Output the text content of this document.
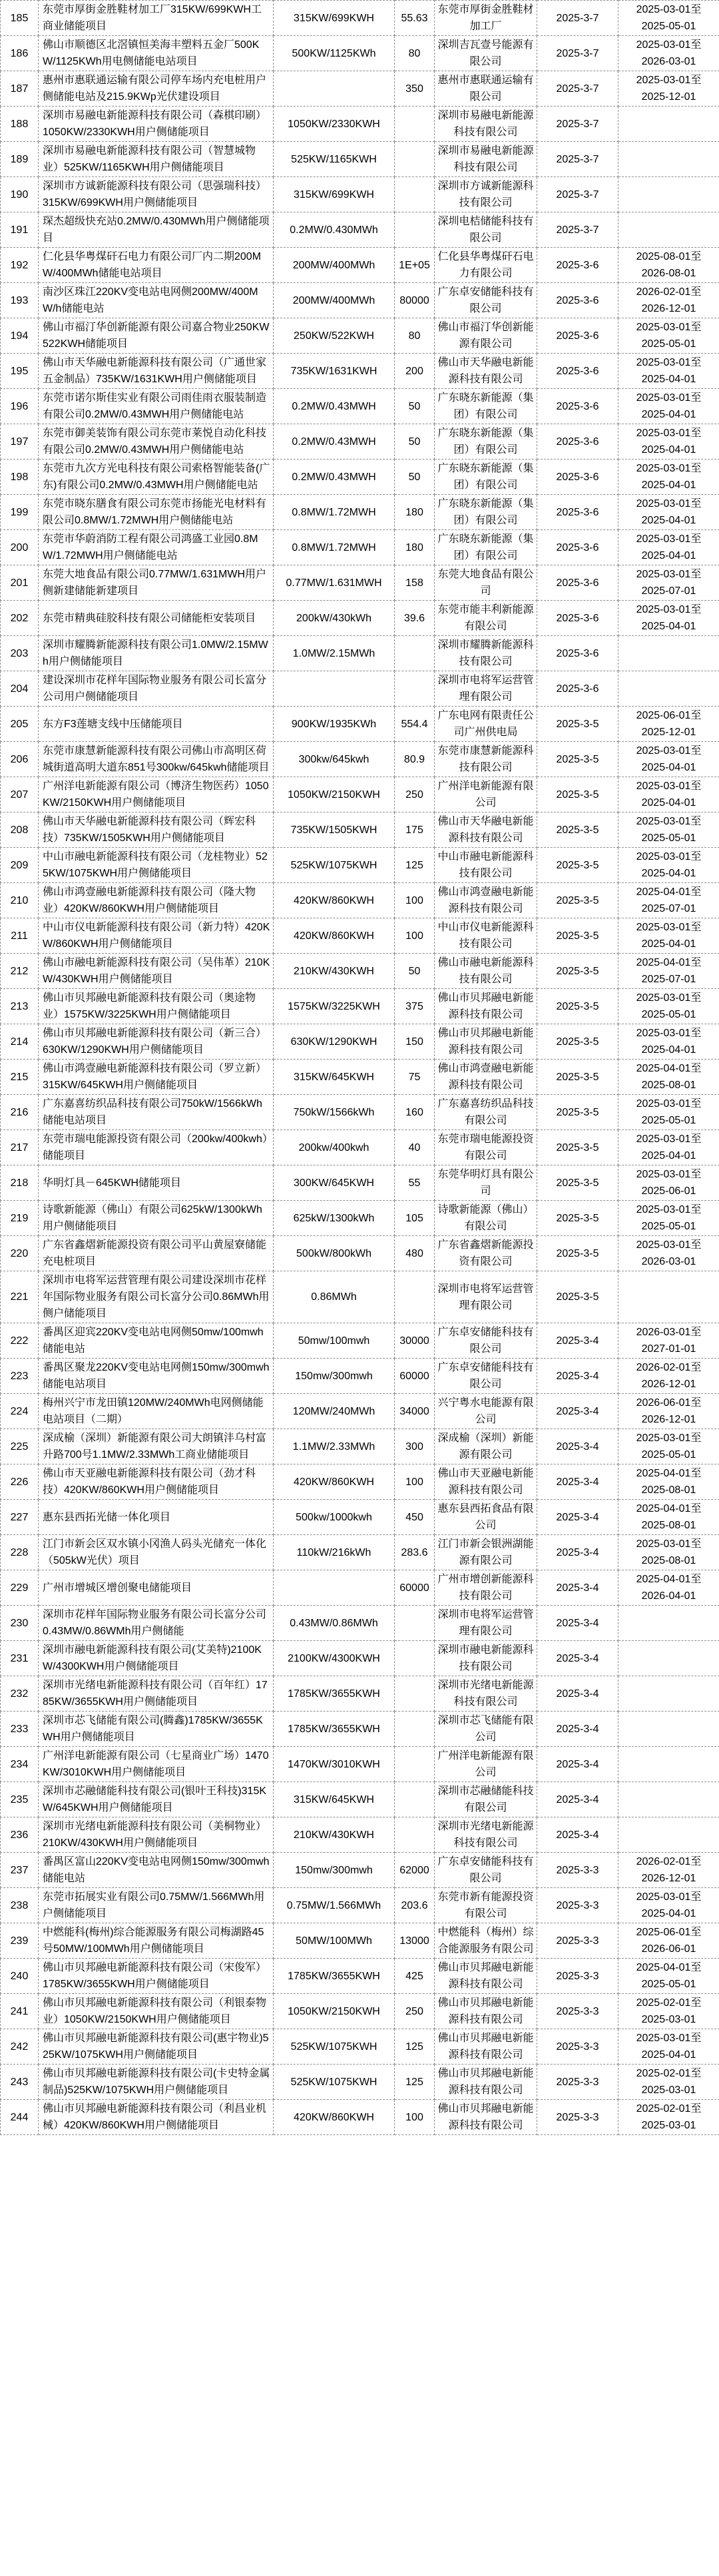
185	东莞市厚街金胜鞋材加工厂315KW/699KWH工商业储能项目	315KW/699KWH	55.63	东莞市厚街金胜鞋材加工厂	2025-3-7	2025-03-01至
2025-05-01
186	佛山市顺德区北滘镇恒美海丰塑料五金厂500KW/1125KWh用电侧储能电站项目	500KW/1125KWh	80	深圳吉瓦壹号能源有限公司	2025-3-7	2025-03-01至
2026-03-01
187	惠州市惠联通运输有限公司停车场内充电桩用户侧储能电站及215.9KWp光伏建设项目		350	惠州市惠联通运输有限公司	2025-3-7	2025-03-01至
2025-12-01
188	深圳市易融电新能源科技有限公司（森棋印刷）1050KW/2330KWH用户侧储能项目	1050KW/2330KWH		深圳市易融电新能源科技有限公司	2025-3-7	
189	深圳市易融电新能源科技有限公司（智慧城物业）525KW/1165KWH用户侧储能项目	525KW/1165KWH		深圳市易融电新能源科技有限公司	2025-3-7	
190	深圳市方诚新能源科技有限公司（思强瑞科技）315KW/699KWH用户侧储能项目	315KW/699KWH		深圳市方诚新能源科技有限公司	2025-3-7	
191	琛杰超级快充站0.2MW/0.430MWh用户侧储能项目	0.2MW/0.430MWh		深圳电桔储能科技有限公司	2025-3-7	
192	仁化县华粤煤矸石电力有限公司厂内二期200MW/400MWh储能电站项目	200MW/400MWh	1E+05	仁化县华粤煤矸石电力有限公司	2025-3-6	2025-08-01至
2026-08-01
193	南沙区珠江220KV变电站电网侧200MW/400MW/h储能电站	200MW/400MWh	80000	广东卓安储能科技有限公司	2025-3-6	2026-02-01至
2026-12-01
194	佛山市福汀华创新能源有限公司嘉合物业250KW 522KWH储能项目	250KW/522KWH	80	佛山市福汀华创新能源有限公司	2025-3-6	2025-03-01至
2025-05-01
195	佛山市天华融电新能源科技有限公司（广通世家五金制品）735KW/1631KWH用户侧储能项目	735KW/1631KWH	200	佛山市天华融电新能源科技有限公司	2025-3-6	2025-03-01至
2025-04-01
196	东莞市诺尔斯佳实业有限公司雨佳雨衣服装制造有限公司0.2MW/0.43MWH用户侧储能电站	0.2MW/0.43MWH	50	广东晓东新能源（集团）有限公司	2025-3-6	2025-03-01至
2025-04-01
197	东莞市御美装饰有限公司东莞市莱悦自动化科技有限公司0.2MW/0.43MWH用户侧储能电站	0.2MW/0.43MWH	50	广东晓东新能源（集团）有限公司	2025-3-6	2025-03-01至
2025-04-01
198	东莞市九次方光电科技有限公司索格智能装备(广东)有限公司0.2MW/0.43MWH用户侧储能电站	0.2MW/0.43MWH	50	广东晓东新能源（集团）有限公司	2025-3-6	2025-03-01至
2025-04-01
199	东莞市晓东膳食有限公司东莞市扬能光电材料有限公司0.8MW/1.72MWH用户侧储能电站	0.8MW/1.72MWH	180	广东晓东新能源（集团）有限公司	2025-3-6	2025-03-01至
2025-04-01
200	东莞市华蔚消防工程有限公司鸿盛工业园0.8MW/1.72MWH用户侧储能电站	0.8MW/1.72MWH	180	广东晓东新能源（集团）有限公司	2025-3-6	2025-03-01至
2025-04-01
201	东莞大地食品有限公司0.77MW/1.631MWH用户侧新建储能新建项目	0.77MW/1.631MWH	158	东莞大地食品有限公司	2025-3-6	2025-03-01至
2025-07-01
202	东莞市精典硅胶科技有限公司储能柜安装项目	200kW/430kWh	39.6	东莞市能丰利新能源有限公司	2025-3-6	2025-03-01至
2025-04-01
203	深圳市耀腾新能源科技有限公司1.0MW/2.15MWh用户侧储能项目	1.0MW/2.15MWh		深圳市耀腾新能源科技有限公司	2025-3-6	
204	建设深圳市花样年国际物业服务有限公司长富分公司用户侧储能项目			深圳市电将军运营管理有限公司	2025-3-6	
205	东方F3莲塘支线中压储能项目	900KW/1935KWh	554.4	广东电网有限责任公司广州供电局	2025-3-5	2025-06-01至
2025-12-01
206	东莞市康慧新能源科技有限公司佛山市高明区荷城街道高明大道东851号300kw/645kwh储能项目	300kw/645kwh	80.9	东莞市康慧新能源科技有限公司	2025-3-5	2025-03-01至
2025-04-01
207	广州洋电新能源有限公司（博济生物医药）1050KW/2150KWH用户侧储能项目	1050KW/2150KWH	250	广州洋电新能源有限公司	2025-3-5	2025-03-01至
2025-04-01
208	佛山市天华融电新能源科技有限公司（辉宏科技）735KW/1505KWH用户侧储能项目	735KW/1505KWH	175	佛山市天华融电新能源科技有限公司	2025-3-5	2025-03-01至
2025-05-01
209	中山市融电新能源科技有限公司（龙桂物业）525KW/1075KWH用户侧储能项目	525KW/1075KWH	125	中山市融电新能源科技有限公司	2025-3-5	2025-03-01至
2025-04-01
210	佛山市鸿壹融电新能源科技有限公司（隆大物业）420KW/860KWH用户侧储能项目	420KW/860KWH	100	佛山市鸿壹融电新能源科技有限公司	2025-3-5	2025-04-01至
2025-07-01
211	中山市仪电新能源科技有限公司（新力特）420KW/860KWH用户侧储能项目	420KW/860KWH	100	中山市仪电新能源科技有限公司	2025-3-5	2025-03-01至
2025-04-01
212	佛山市融电新能源科技有限公司（吴伟革）210KW/430KWH用户侧储能项目	210KW/430KWH	50	佛山市融电新能源科技有限公司	2025-3-5	2025-04-01至
2025-07-01
213	佛山市贝邦融电新能源科技有限公司（奥途物业）1575KW/3225KWH用户侧储能项目	1575KW/3225KWH	375	佛山市贝邦融电新能源科技有限公司	2025-3-5	2025-03-01至
2025-05-01
214	佛山市贝邦融电新能源科技有限公司（新三合）630KW/1290KWH用户侧储能项目	630KW/1290KWH	150	佛山市贝邦融电新能源科技有限公司	2025-3-5	2025-03-01至
2025-04-01
215	佛山市鸿壹融电新能源科技有限公司（罗立新）315KW/645KWH用户侧储能项目	315KW/645KWH	75	佛山市鸿壹融电新能源科技有限公司	2025-3-5	2025-04-01至
2025-08-01
216	广东嘉喜纺织品科技有限公司750kW/1566kWh储能电站项目	750kW/1566kWh	160	广东嘉喜纺织品科技有限公司	2025-3-5	2025-03-01至
2025-05-01
217	东莞市瑞电能源投资有限公司（200kw/400kwh）储能项目	200kw/400kwh	40	东莞市瑞电能源投资有限公司	2025-3-5	2025-03-01至
2025-04-01
218	华明灯具－645KWH储能项目	300KW/645KWH	55	东莞华明灯具有限公司	2025-3-5	2025-03-01至
2025-06-01
219	诗歌新能源（佛山）有限公司625kW/1300kWh用户侧储能项目	625kW/1300kWh	105	诗歌新能源（佛山）有限公司	2025-3-5	2025-03-01至
2025-05-01
220	广东省鑫熠新能源投资有限公司平山黄屋寮储能充电桩项目	500kW/800kWh	480	广东省鑫熠新能源投资有限公司	2025-3-5	2025-03-01至
2026-03-01
221	深圳市电将军运营管理有限公司建设深圳市花样年国际物业服务有限公司长富分公司0.86MWh用侧户储能项目	0.86MWh		深圳市电将军运营管理有限公司	2025-3-5	
222	番禺区迎宾220KV变电站电网侧50mw/100mwh储能电站	50mw/100mwh	30000	广东卓安储能科技有限公司	2025-3-4	2026-03-01至
2027-01-01
223	番禺区聚龙220KV变电站电网侧150mw/300mwh储能电站项目	150mw/300mwh	60000	广东卓安储能科技有限公司	2025-3-4	2026-02-01至
2026-12-01
224	梅州兴宁市龙田镇120MW/240MWh电网侧储能电站项目（二期）	120MW/240MWh	34000	兴宁粤水电能源有限公司	2025-3-4	2026-06-01至
2026-12-01
225	深成榆（深圳）新能源有限公司大朗镇沣乌村富升路700号1.1MW/2.33MWh工商业储能项目	1.1MW/2.33MWh	300	深成榆（深圳）新能源有限公司	2025-3-4	2025-03-01至
2025-05-01
226	佛山市天亚融电新能源科技有限公司（劲才科技）420KW/860KWH用户侧储能项目	420KW/860KWH	100	佛山市天亚融电新能源科技有限公司	2025-3-4	2025-04-01至
2025-08-01
227	惠东县西拓光储一体化项目	500kw/1000kwh	450	惠东县西拓食品有限公司	2025-3-4	2025-04-01至
2025-08-01
228	江门市新会区双水镇小冈渔人码头光储充一体化（505kW光伏）项目	110kW/216kWh	283.6	江门市新会银洲湖能源有限公司	2025-3-4	2025-03-01至
2025-08-01
229	广州市增城区增创聚电储能项目		60000	广州市增创新能源科技有限公司	2025-3-4	2025-04-01至
2026-04-01
230	深圳市花样年国际物业服务有限公司长富分公司0.43MW/0.86WMh用户侧储能	0.43MW/0.86MWh		深圳市电将军运营管理有限公司	2025-3-4	
231	深圳市融电新能源科技有限公司(艾美特)2100KW/4300KWH用户侧储能项目	2100KW/4300KWH		深圳市融电新能源科技有限公司	2025-3-4	
232	深圳市光绪电新能源科技有限公司（百年红）1785KW/3655KWH用户侧储能项目	1785KW/3655KWH		深圳市光绪电新能源科技有限公司	2025-3-4	
233	深圳市芯飞储能有限公司(腾鑫)1785KW/3655KWH用户侧储能项目	1785KW/3655KWH		深圳市芯飞储能有限公司	2025-3-4	
234	广州洋电新能源有限公司（七星商业广场）1470KW/3010KWH用户侧储能项目	1470KW/3010KWH		广州洋电新能源有限公司	2025-3-4	
235	深圳市芯融储能科技有限公司(银叶王科技)315KW/645KWH用户侧储能项目	315KW/645KWH		深圳市芯融储能科技有限公司	2025-3-4	
236	深圳市光绪电新能源科技有限公司（美桐物业）210KW/430KWH用户侧储能项目	210KW/430KWH		深圳市光绪电新能源科技有限公司	2025-3-4	
237	番禺区富山220KV变电站电网侧150mw/300mwh储能电站	150mw/300mwh	62000	广东卓安储能科技有限公司	2025-3-3	2026-02-01至
2026-12-01
238	东莞市拓展实业有限公司0.75MW/1.566MWh用户侧储能项目	0.75MW/1.566MWh	203.6	东莞市新有能源投资有限公司	2025-3-3	2025-03-01至
2025-04-01
239	中燃能科(梅州)综合能源服务有限公司梅湖路45号50MW/100MWh用户侧储能项目	50MW/100MWh	13000	中燃能科（梅州）综合能源服务有限公司	2025-3-3	2025-06-01至
2026-06-01
240	佛山市贝邦融电新能源科技有限公司（宋俊军）1785KW/3655KWH用户侧储能项目	1785KW/3655KWH	425	佛山市贝邦融电新能源科技有限公司	2025-3-3	2025-04-01至
2025-05-01
241	佛山市贝邦融电新能源科技有限公司（利银泰物业）1050KW/2150KWH用户侧储能项目	1050KW/2150KWH	250	佛山市贝邦融电新能源科技有限公司	2025-3-3	2025-02-01至
2025-03-01
242	佛山市贝邦融电新能源科技有限公司(惠宇物业)525KW/1075KWH用户侧储能项目	525KW/1075KWH	125	佛山市贝邦融电新能源科技有限公司	2025-3-3	2025-03-01至
2025-04-01
243	佛山市贝邦融电新能源科技有限公司(卡史特金属制品)525KW/1075KWH用户侧储能项目	525KW/1075KWH	125	佛山市贝邦融电新能源科技有限公司	2025-3-3	2025-02-01至
2025-03-01
244	佛山市贝邦融电新能源科技有限公司（利昌业机械）420KW/860KWH用户侧储能项目	420KW/860KWH	100	佛山市贝邦融电新能源科技有限公司	2025-3-3	2025-02-01至
2025-03-01
